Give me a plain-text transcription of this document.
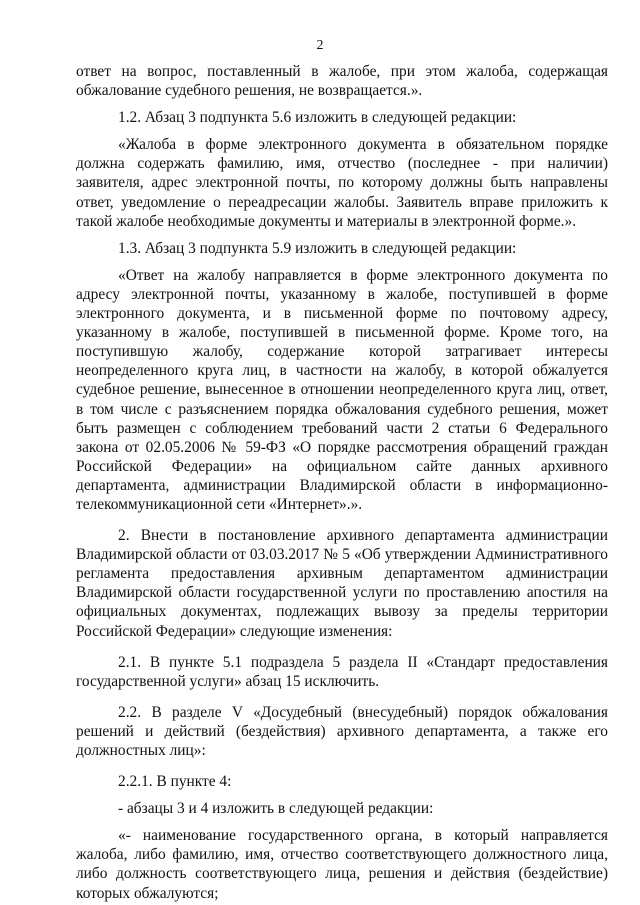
2

ответ на вопрос, поставленный в жалобе, при этом жалоба, содержащая обжалование судебного решения, не возвращается.».

1.2. Абзац 3 подпункта 5.6 изложить в следующей редакции:

«Жалоба в форме электронного документа в обязательном порядке должна содержать фамилию, имя, отчество (последнее - при наличии) заявителя, адрес электронной почты, по которому должны быть направлены ответ, уведомление о переадресации жалобы. Заявитель вправе приложить к такой жалобе необходимые документы и материалы в электронной форме.».

1.3. Абзац 3 подпункта 5.9 изложить в следующей редакции:

«Ответ на жалобу направляется в форме электронного документа по адресу электронной почты, указанному в жалобе, поступившей в форме электронного документа, и в письменной форме по почтовому адресу, указанному в жалобе, поступившей в письменной форме. Кроме того, на поступившую жалобу, содержание которой затрагивает интересы неопределенного круга лиц, в частности на жалобу, в которой обжалуется судебное решение, вынесенное в отношении неопределенного круга лиц, ответ, в том числе с разъяснением порядка обжалования судебного решения, может быть размещен с соблюдением требований части 2 статьи 6 Федерального закона от 02.05.2006 № 59-ФЗ «О порядке рассмотрения обращений граждан Российской Федерации» на официальном сайте данных архивного департамента, администрации Владимирской области в информационно-телекоммуникационной сети «Интернет».».

2. Внести в постановление архивного департамента администрации Владимирской области от 03.03.2017 № 5 «Об утверждении Административного регламента предоставления архивным департаментом администрации Владимирской области государственной услуги по проставлению апостиля на официальных документах, подлежащих вывозу за пределы территории Российской Федерации» следующие изменения:

2.1. В пункте 5.1 подраздела 5 раздела II «Стандарт предоставления государственной услуги» абзац 15 исключить.

2.2. В разделе V «Досудебный (внесудебный) порядок обжалования решений и действий (бездействия) архивного департамента, а также его должностных лиц»:

2.2.1. В пункте 4:

- абзацы 3 и 4 изложить в следующей редакции:

«- наименование государственного органа, в который направляется жалоба, либо фамилию, имя, отчество соответствующего должностного лица, либо должность соответствующего лица, решения и действия (бездействие) которых обжалуются;
